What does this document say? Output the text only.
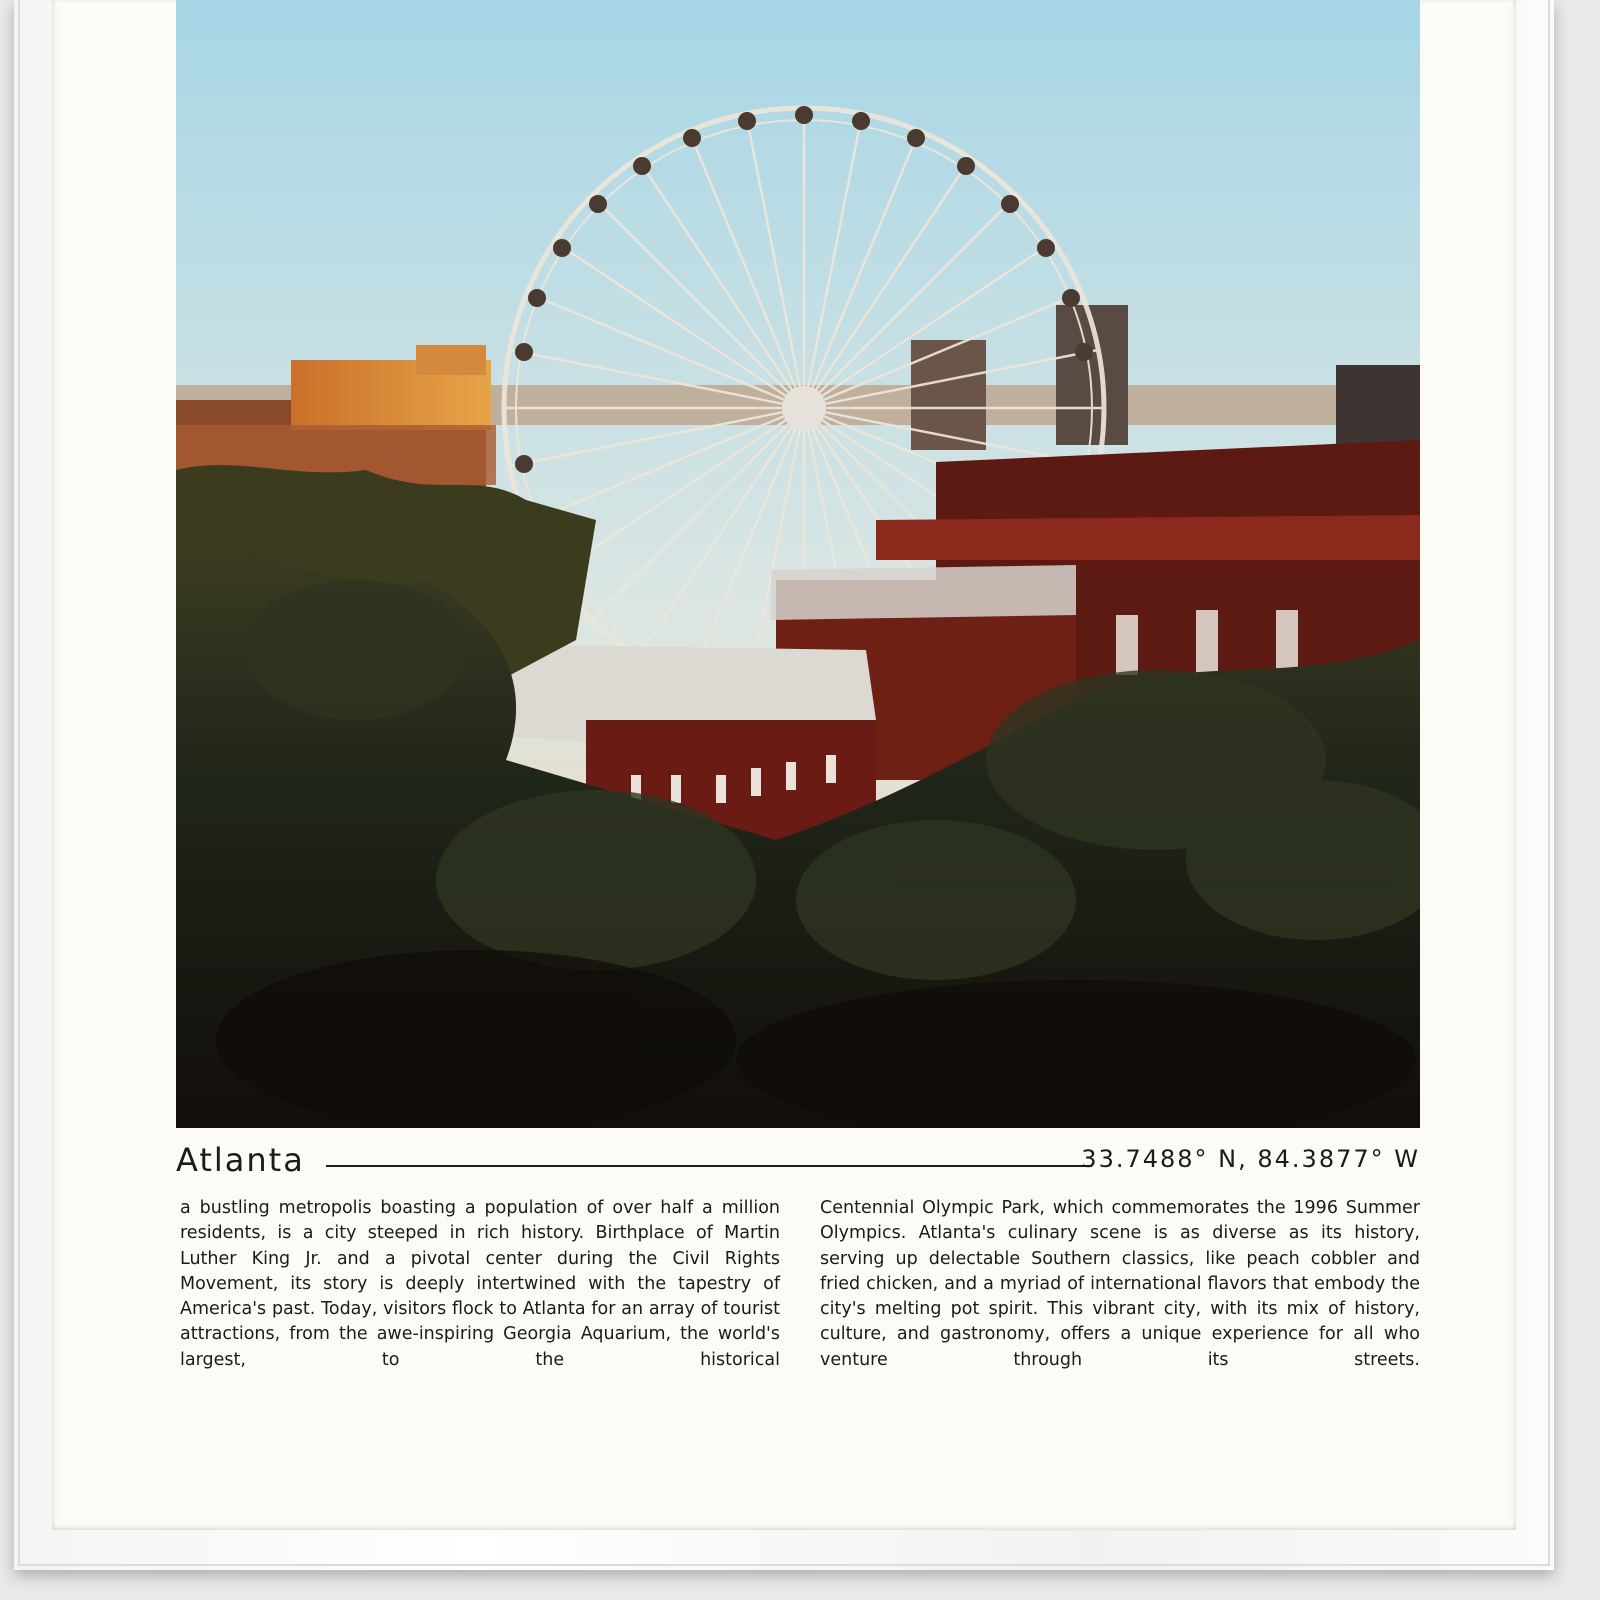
Atlanta	33.7488° N, 84.3877° W
a bustling metropolis boasting a population of over half a million residents, is a city steeped in rich history. Birthplace of Martin Luther King Jr. and a pivotal center during the Civil Rights Movement, its story is deeply intertwined with the tapestry of America's past. Today, visitors flock to Atlanta for an array of tourist attractions, from the awe-inspiring Georgia Aquarium, the world's largest, to the historical
Centennial Olympic Park, which commemorates the 1996 Summer Olympics. Atlanta's culinary scene is as diverse as its history, serving up delectable Southern classics, like peach cobbler and fried chicken, and a myriad of international flavors that embody the city's melting pot spirit. This vibrant city, with its mix of history, culture, and gastronomy, offers a unique experience for all who venture through its streets.
